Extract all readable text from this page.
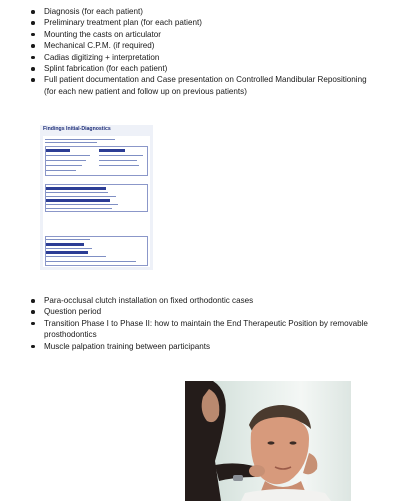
Diagnosis (for each patient)
Preliminary treatment plan (for each patient)
Mounting the casts on articulator
Mechanical C.P.M. (if required)
Cadias digitizing + interpretation
Splint fabrication (for each patient)
Full patient documentation and Case presentation on Controlled Mandibular Repositioning (for each new patient and follow up on previous patients)
Findings Initial-Diagnostics
Para-occlusal clutch installation on fixed orthodontic cases
Question period
Transition Phase I to Phase II: how to maintain the End Therapeutic Position by removable prosthodontics
Muscle palpation training between participants
